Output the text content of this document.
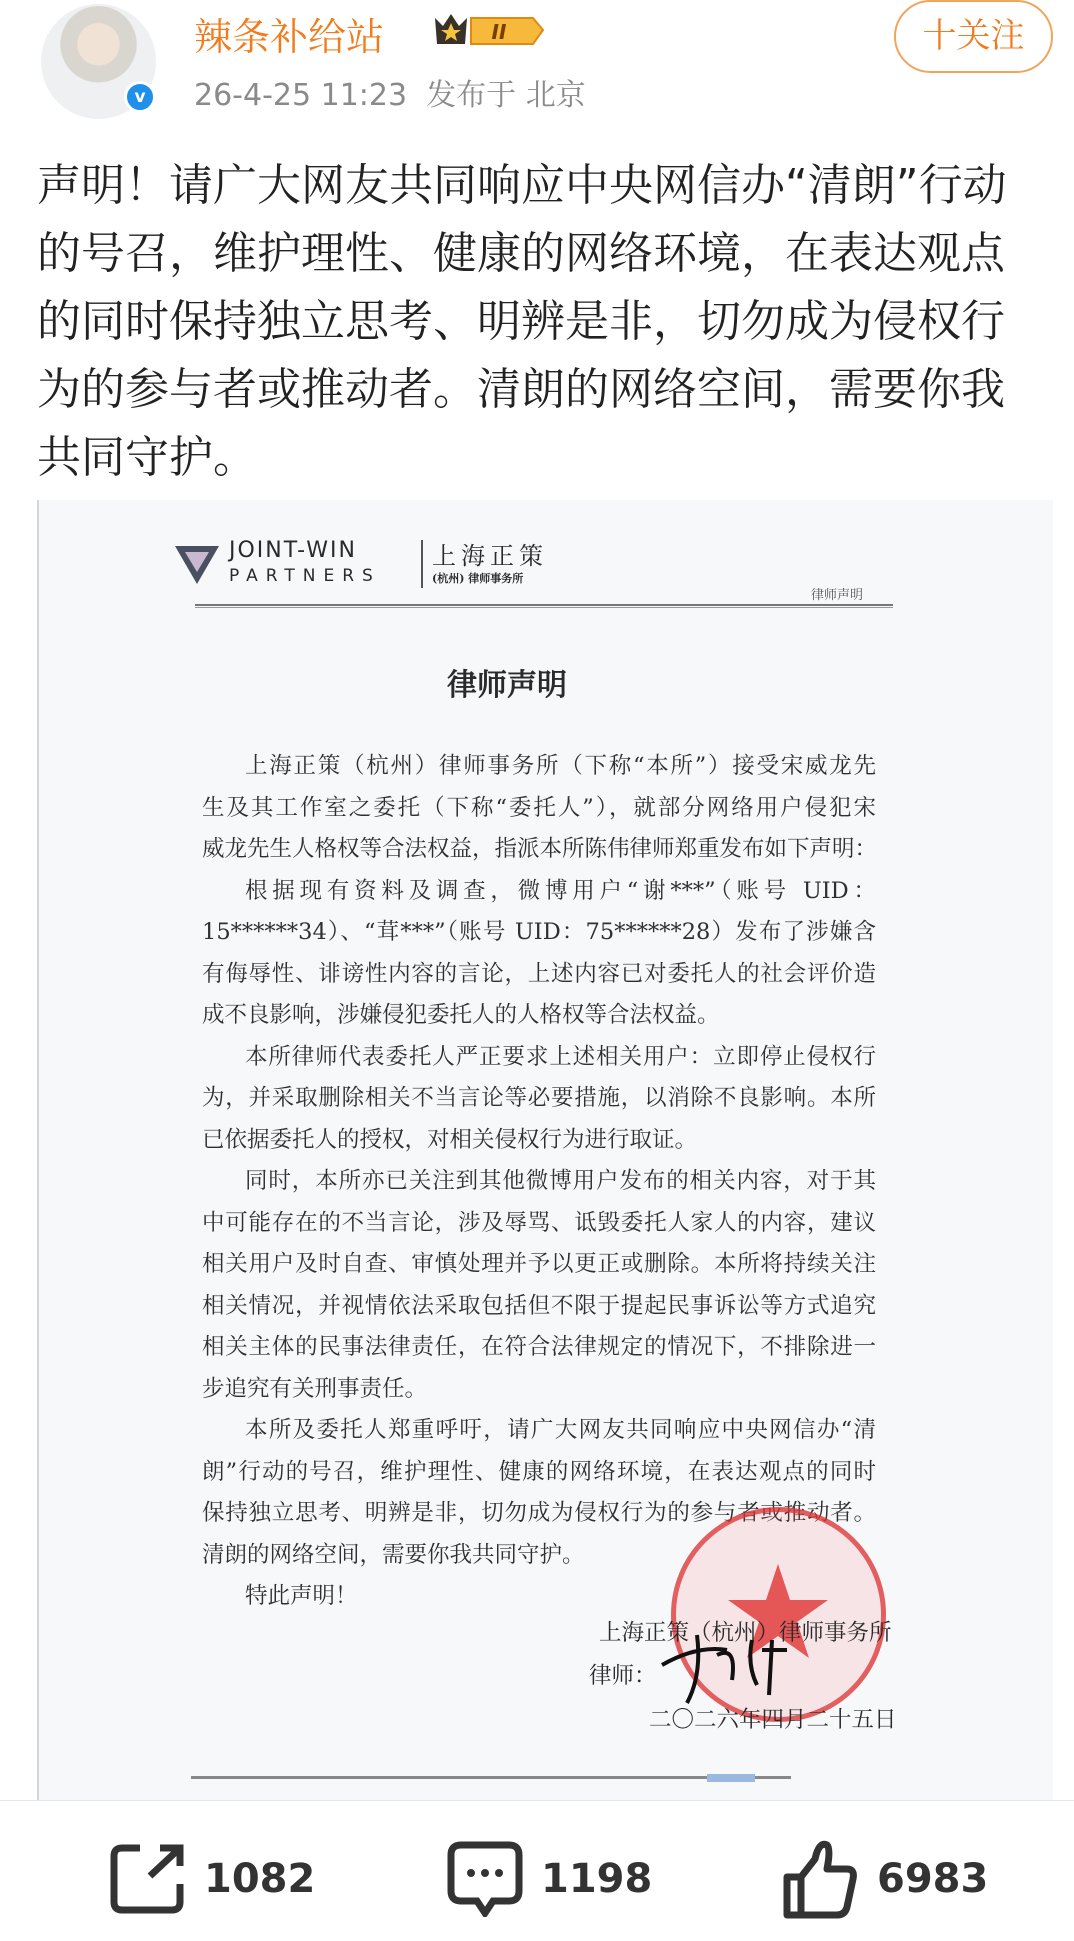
v
辣条补给站	II
26-4-25 11:23 发布于 北京
十关注
声明！请广大网友共同响应中央网信办“清朗”行动的号召，维护理性、健康的网络环境，在表达观点的同时保持独立思考、明辨是非，切勿成为侵权行为的参与者或推动者。清朗的网络空间，需要你我共同守护。
JOINT-WIN
PARTNERS
上海正策
(杭州) 律师事务所
律师声明
律师声明
上海正策（杭州）律师事务所（下称“本所”）接受宋威龙先
生及其工作室之委托（下称“委托人”），就部分网络用户侵犯宋
威龙先生人格权等合法权益，指派本所陈伟律师郑重发布如下声明：
根据现有资料及调查，微博用户“谢***”（账号 UID：
15******34）、“茸***”（账号 UID：75******28）发布了涉嫌含
有侮辱性、诽谤性内容的言论，上述内容已对委托人的社会评价造
成不良影响，涉嫌侵犯委托人的人格权等合法权益。
本所律师代表委托人严正要求上述相关用户：立即停止侵权行
为，并采取删除相关不当言论等必要措施，以消除不良影响。本所
已依据委托人的授权，对相关侵权行为进行取证。
同时，本所亦已关注到其他微博用户发布的相关内容，对于其
中可能存在的不当言论，涉及辱骂、诋毁委托人家人的内容，建议
相关用户及时自查、审慎处理并予以更正或删除。本所将持续关注
相关情况，并视情依法采取包括但不限于提起民事诉讼等方式追究
相关主体的民事法律责任，在符合法律规定的情况下，不排除进一
步追究有关刑事责任。
本所及委托人郑重呼吁，请广大网友共同响应中央网信办“清
朗”行动的号召，维护理性、健康的网络环境，在表达观点的同时
保持独立思考、明辨是非，切勿成为侵权行为的参与者或推动者。
清朗的网络空间，需要你我共同守护。
特此声明！
上海正策（杭州）律师事务所
律师：
二〇二六年四月二十五日
1082	1198	6983
